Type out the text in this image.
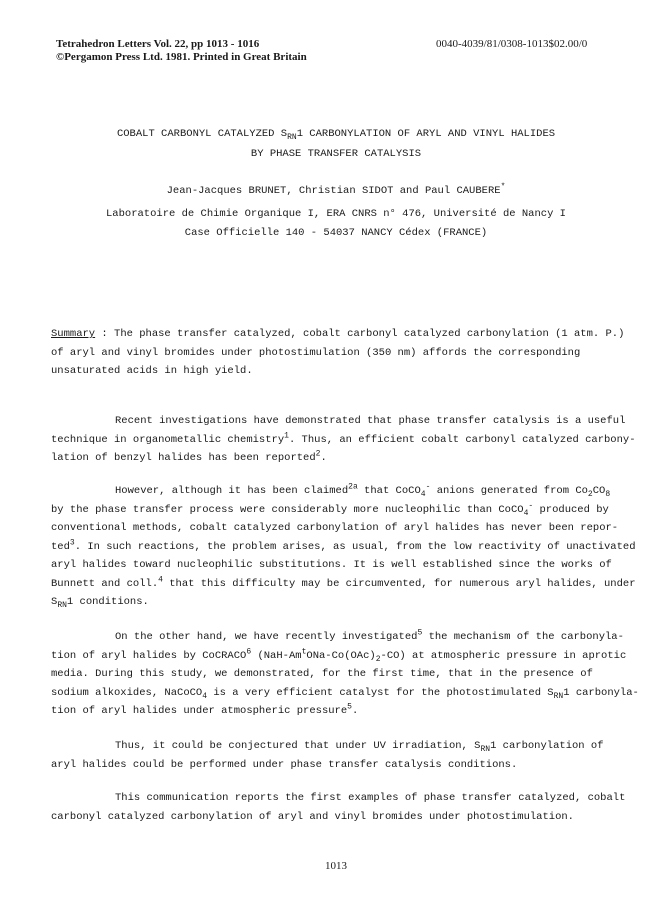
Tetrahedron Letters Vol. 22, pp 1013 - 1016
©Pergamon Press Ltd. 1981. Printed in Great Britain
0040-4039/81/0308-1013$02.00/0
COBALT CARBONYL CATALYZED $S_{RN}1$ CARBONYLATION OF ARYL AND VINYL HALIDES
BY PHASE TRANSFER CATALYSIS
Jean-Jacques BRUNET, Christian SIDOT and Paul CAUBERE*
Laboratoire de Chimie Organique I, ERA CNRS n° 476, Université de Nancy I
Case Officielle 140 - 54037 NANCY Cédex (FRANCE)
Summary : The phase transfer catalyzed, cobalt carbonyl catalyzed carbonylation (1 atm. P.)
of aryl and vinyl bromides under photostimulation (350 nm) affords the corresponding
unsaturated acids in high yield.
Recent investigations have demonstrated that phase transfer catalysis is a useful
technique in organometallic chemistry$^1$. Thus, an efficient cobalt carbonyl catalyzed carbony-
lation of benzyl halides has been reported$^2$.
However, although it has been claimed$^{2a}$ that CoCO$_4$- anions generated from $Co_2CO_8$
by the phase transfer process were considerably more nucleophilic than CoCO$_4$- produced by
conventional methods, cobalt catalyzed carbonylation of aryl halides has never been repor-
ted$^3$. In such reactions, the problem arises, as usual, from the low reactivity of unactivated
aryl halides toward nucleophilic substitutions. It is well established since the works of
Bunnett and coll.$^4$ that this difficulty may be circumvented, for numerous aryl halides, under
$S_{RN}1$ conditions.
On the other hand, we have recently investigated$^5$ the mechanism of the carbonyla-
tion of aryl halides by CoCRACO$^6$ $(NaH-Am^tONa-Co(OAc)_2-CO)$ at atmospheric pressure in aprotic
media. During this study, we demonstrated, for the first time, that in the presence of
sodium alkoxides, NaCoCO$_4$ is a very efficient catalyst for the photostimulated $S_{RN}1$ carbonyla-
tion of aryl halides under atmospheric pressure$^5$.
Thus, it could be conjectured that under UV irradiation, $S_{RN}1$ carbonylation of
aryl halides could be performed under phase transfer catalysis conditions.
This communication reports the first examples of phase transfer catalyzed, cobalt
carbonyl catalyzed carbonylation of aryl and vinyl bromides under photostimulation.
1013
